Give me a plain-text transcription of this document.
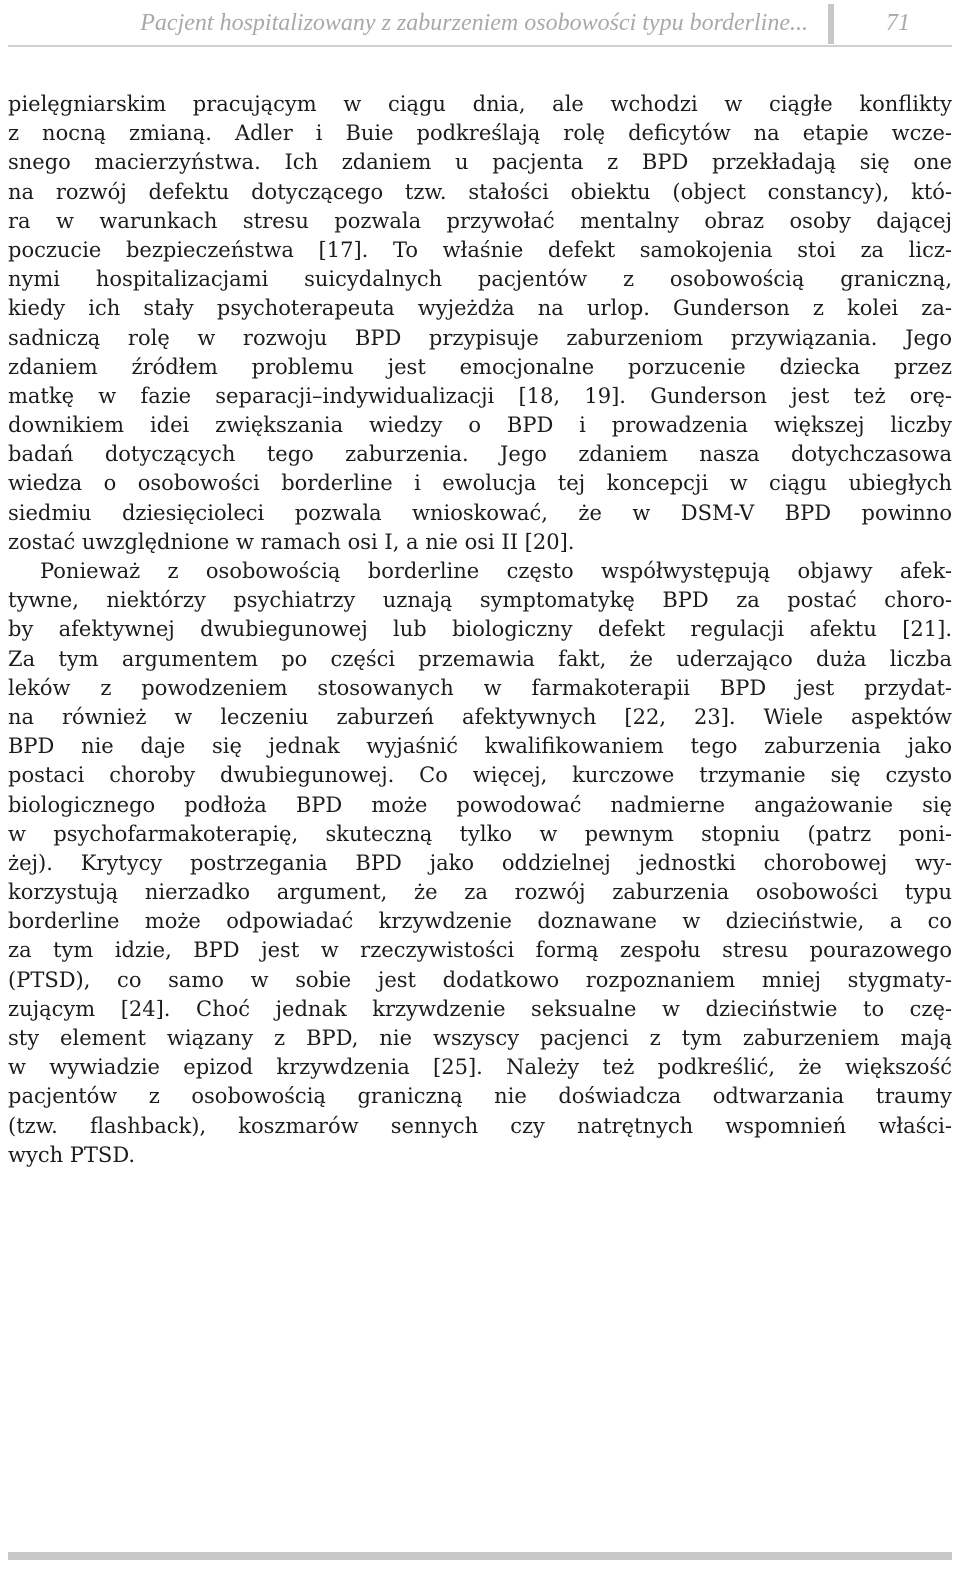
Pacjent hospitalizowany z zaburzeniem osobowości typu borderline...	71
pielęgniarskim pracującym w ciągu dnia, ale wchodzi w ciągłe konflikty
z nocną zmianą. Adler i Buie podkreślają rolę deficytów na etapie wcze-
snego macierzyństwa. Ich zdaniem u pacjenta z BPD przekładają się one
na rozwój defektu dotyczącego tzw. stałości obiektu (object constancy), któ-
ra w warunkach stresu pozwala przywołać mentalny obraz osoby dającej
poczucie bezpieczeństwa [17]. To właśnie defekt samokojenia stoi za licz-
nymi hospitalizacjami suicydalnych pacjentów z osobowością graniczną,
kiedy ich stały psychoterapeuta wyjeżdża na urlop. Gunderson z kolei za-
sadniczą rolę w rozwoju BPD przypisuje zaburzeniom przywiązania. Jego
zdaniem źródłem problemu jest emocjonalne porzucenie dziecka przez
matkę w fazie separacji–indywidualizacji [18, 19]. Gunderson jest też orę-
downikiem idei zwiększania wiedzy o BPD i prowadzenia większej liczby
badań dotyczących tego zaburzenia. Jego zdaniem nasza dotychczasowa
wiedza o osobowości borderline i ewolucja tej koncepcji w ciągu ubiegłych
siedmiu dziesięcioleci pozwala wnioskować, że w DSM-V BPD powinno
zostać uwzględnione w ramach osi I, a nie osi II [20].
Ponieważ z osobowością borderline często współwystępują objawy afek-
tywne, niektórzy psychiatrzy uznają symptomatykę BPD za postać choro-
by afektywnej dwubiegunowej lub biologiczny defekt regulacji afektu [21].
Za tym argumentem po części przemawia fakt, że uderzająco duża liczba
leków z powodzeniem stosowanych w farmakoterapii BPD jest przydat-
na również w leczeniu zaburzeń afektywnych [22, 23]. Wiele aspektów
BPD nie daje się jednak wyjaśnić kwalifikowaniem tego zaburzenia jako
postaci choroby dwubiegunowej. Co więcej, kurczowe trzymanie się czysto
biologicznego podłoża BPD może powodować nadmierne angażowanie się
w psychofarmakoterapię, skuteczną tylko w pewnym stopniu (patrz poni-
żej). Krytycy postrzegania BPD jako oddzielnej jednostki chorobowej wy-
korzystują nierzadko argument, że za rozwój zaburzenia osobowości typu
borderline może odpowiadać krzywdzenie doznawane w dzieciństwie, a co
za tym idzie, BPD jest w rzeczywistości formą zespołu stresu pourazowego
(PTSD), co samo w sobie jest dodatkowo rozpoznaniem mniej stygmaty-
zującym [24]. Choć jednak krzywdzenie seksualne w dzieciństwie to czę-
sty element wiązany z BPD, nie wszyscy pacjenci z tym zaburzeniem mają
w wywiadzie epizod krzywdzenia [25]. Należy też podkreślić, że większość
pacjentów z osobowością graniczną nie doświadcza odtwarzania traumy
(tzw. flashback), koszmarów sennych czy natrętnych wspomnień właści-
wych PTSD.
